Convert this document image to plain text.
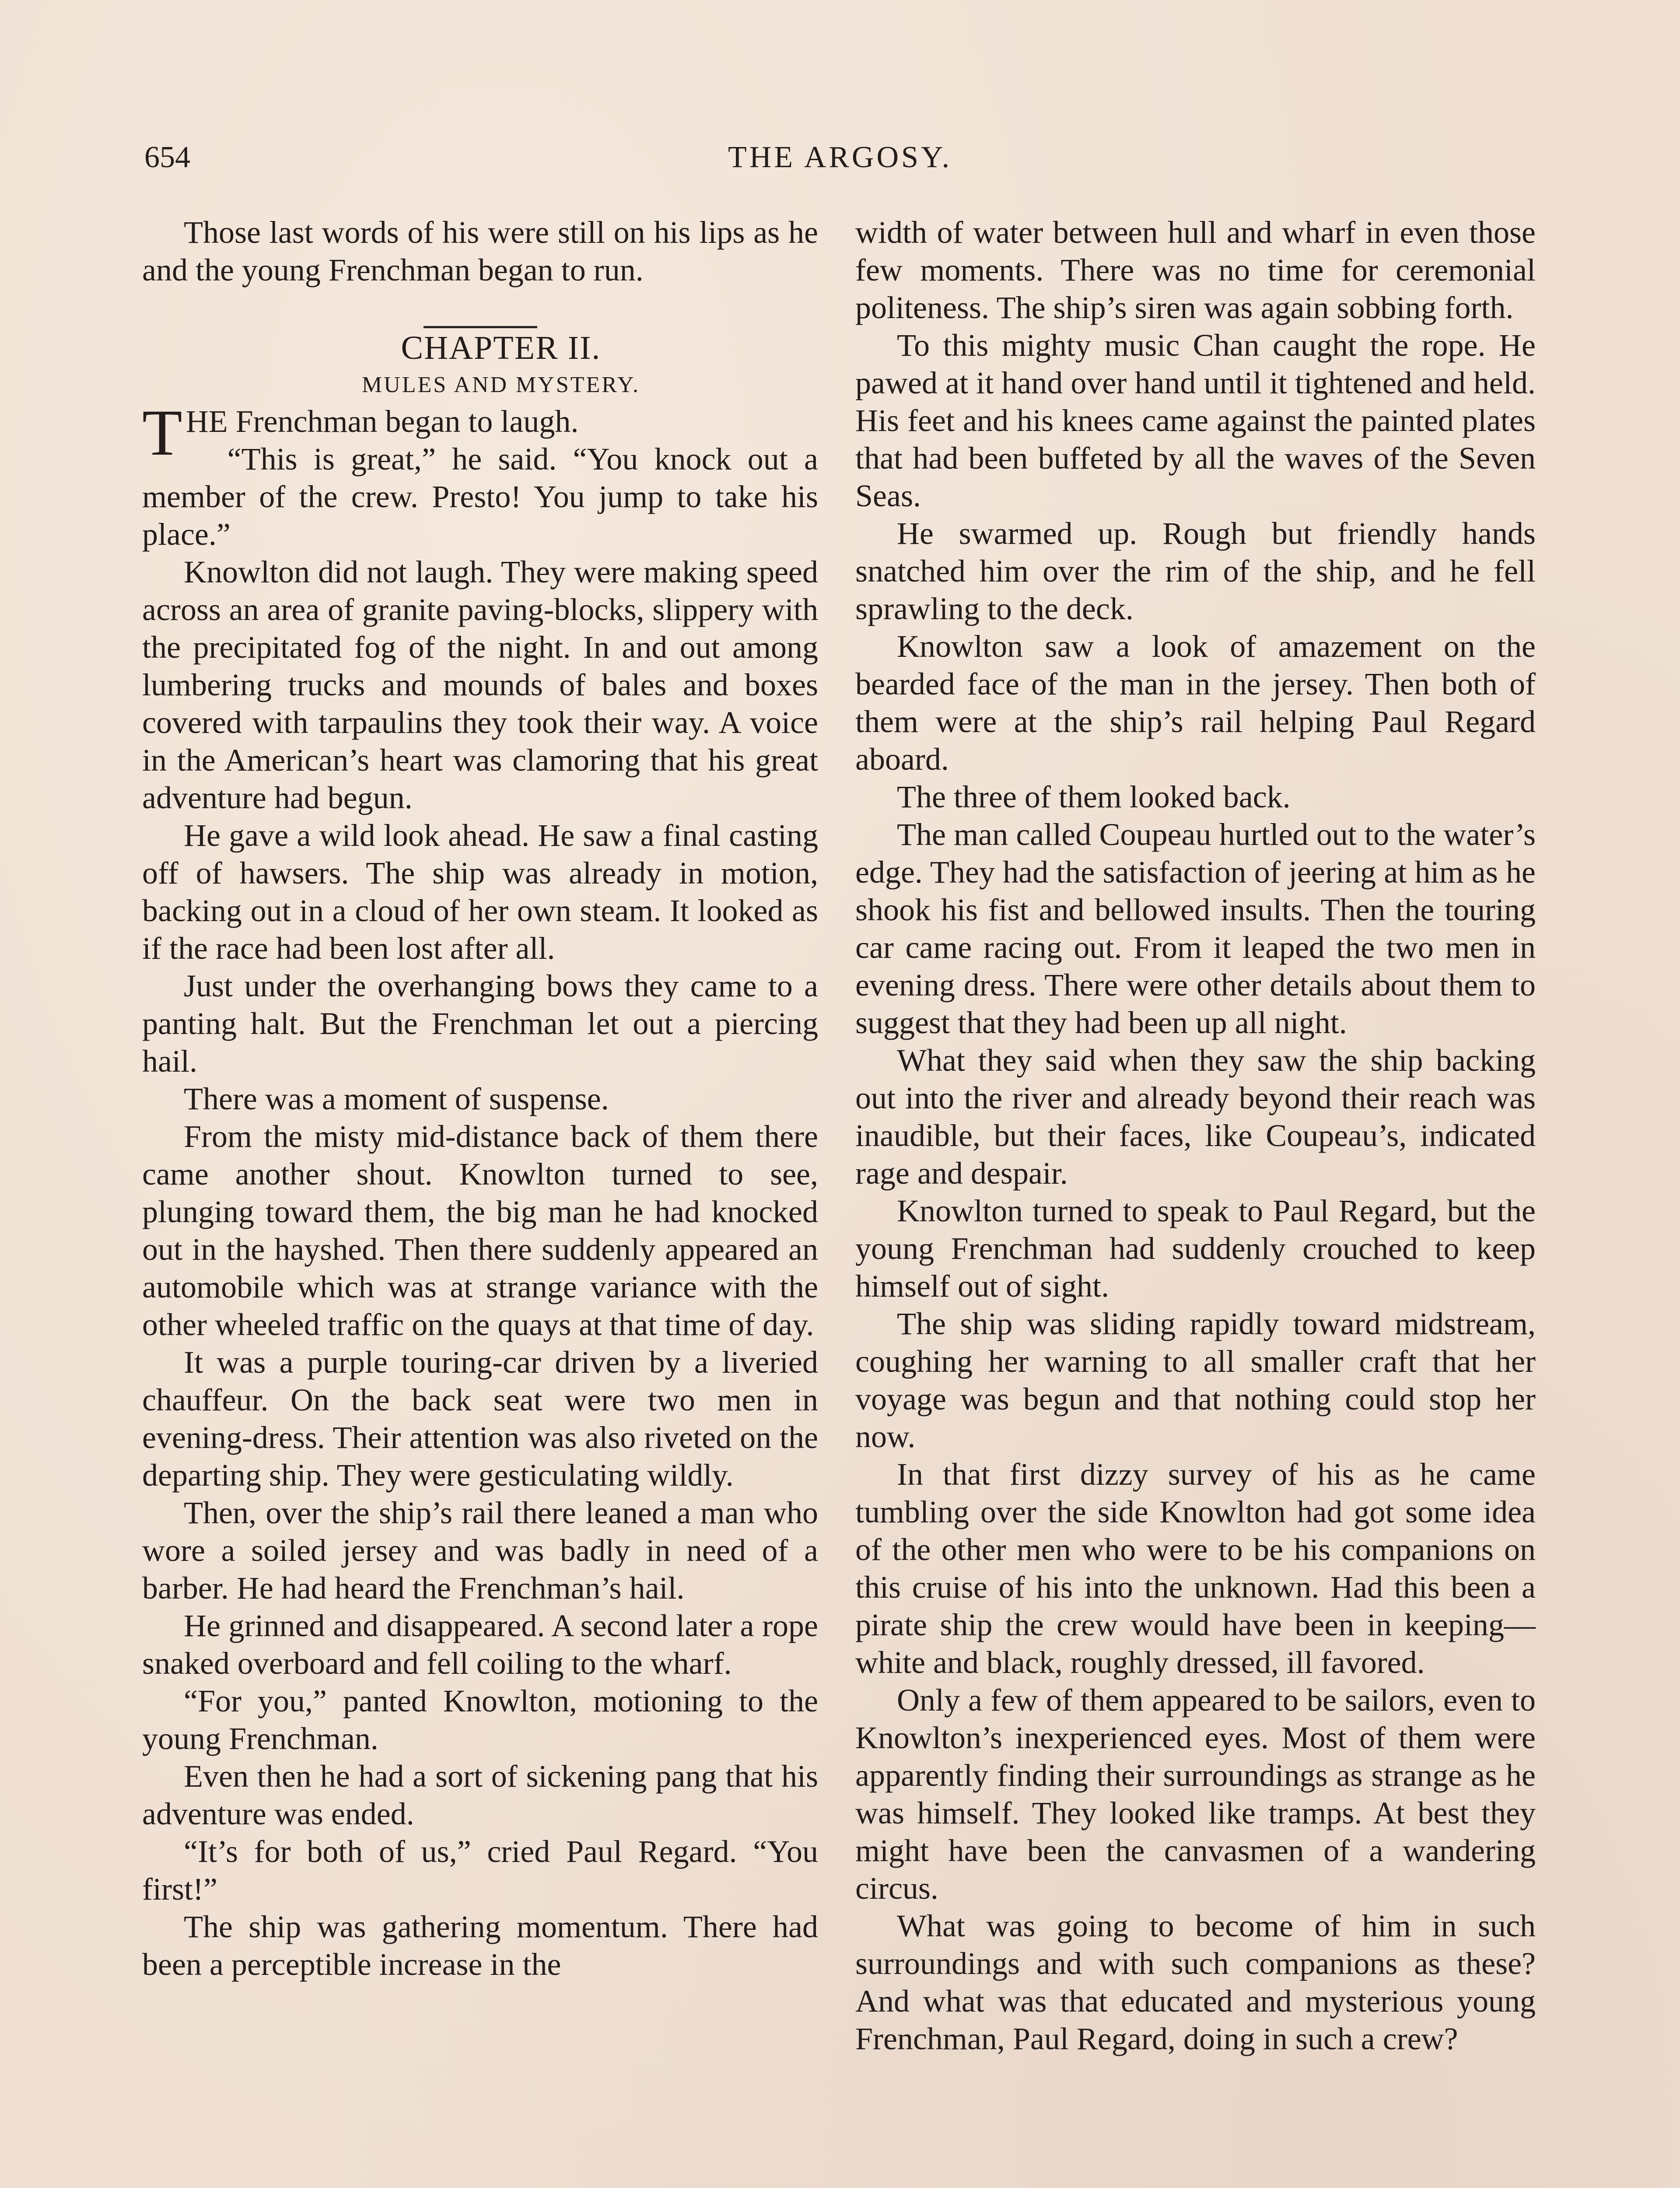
654	THE ARGOSY.

Those last words of his were still on his lips as he and the young Frenchman began to run.

CHAPTER II.

MULES AND MYSTERY.

THE Frenchman began to laugh.

“This is great,” he said. “You knock out a member of the crew. Presto! You jump to take his place.”

Knowlton did not laugh. They were making speed across an area of granite paving-blocks, slippery with the precipitated fog of the night. In and out among lumbering trucks and mounds of bales and boxes covered with tarpaulins they took their way. A voice in the American’s heart was clamoring that his great adventure had begun.

He gave a wild look ahead. He saw a final casting off of hawsers. The ship was already in motion, backing out in a cloud of her own steam. It looked as if the race had been lost after all.

Just under the overhanging bows they came to a panting halt. But the Frenchman let out a piercing hail.

There was a moment of suspense.

From the misty mid-distance back of them there came another shout. Knowlton turned to see, plunging toward them, the big man he had knocked out in the hayshed. Then there suddenly appeared an automobile which was at strange variance with the other wheeled traffic on the quays at that time of day.

It was a purple touring-car driven by a liveried chauffeur. On the back seat were two men in evening-dress. Their attention was also riveted on the departing ship. They were gesticulating wildly.

Then, over the ship’s rail there leaned a man who wore a soiled jersey and was badly in need of a barber. He had heard the Frenchman’s hail.

He grinned and disappeared. A second later a rope snaked overboard and fell coiling to the wharf.

“For you,” panted Knowlton, motioning to the young Frenchman.

Even then he had a sort of sickening pang that his adventure was ended.

“It’s for both of us,” cried Paul Regard. “You first!”

The ship was gathering momentum. There had been a perceptible increase in the

width of water between hull and wharf in even those few moments. There was no time for ceremonial politeness. The ship’s siren was again sobbing forth.

To this mighty music Chan caught the rope. He pawed at it hand over hand until it tightened and held. His feet and his knees came against the painted plates that had been buffeted by all the waves of the Seven Seas.

He swarmed up. Rough but friendly hands snatched him over the rim of the ship, and he fell sprawling to the deck.

Knowlton saw a look of amazement on the bearded face of the man in the jersey. Then both of them were at the ship’s rail helping Paul Regard aboard.

The three of them looked back.

The man called Coupeau hurtled out to the water’s edge. They had the satisfaction of jeering at him as he shook his fist and bellowed insults. Then the touring car came racing out. From it leaped the two men in evening dress. There were other details about them to suggest that they had been up all night.

What they said when they saw the ship backing out into the river and already beyond their reach was inaudible, but their faces, like Coupeau’s, indicated rage and despair.

Knowlton turned to speak to Paul Regard, but the young Frenchman had suddenly crouched to keep himself out of sight.

The ship was sliding rapidly toward midstream, coughing her warning to all smaller craft that her voyage was begun and that nothing could stop her now.

In that first dizzy survey of his as he came tumbling over the side Knowlton had got some idea of the other men who were to be his companions on this cruise of his into the unknown. Had this been a pirate ship the crew would have been in keeping— white and black, roughly dressed, ill favored.

Only a few of them appeared to be sailors, even to Knowlton’s inexperienced eyes. Most of them were apparently finding their surroundings as strange as he was himself. They looked like tramps. At best they might have been the canvasmen of a wandering circus.

What was going to become of him in such surroundings and with such companions as these? And what was that educated and mysterious young Frenchman, Paul Regard, doing in such a crew?
